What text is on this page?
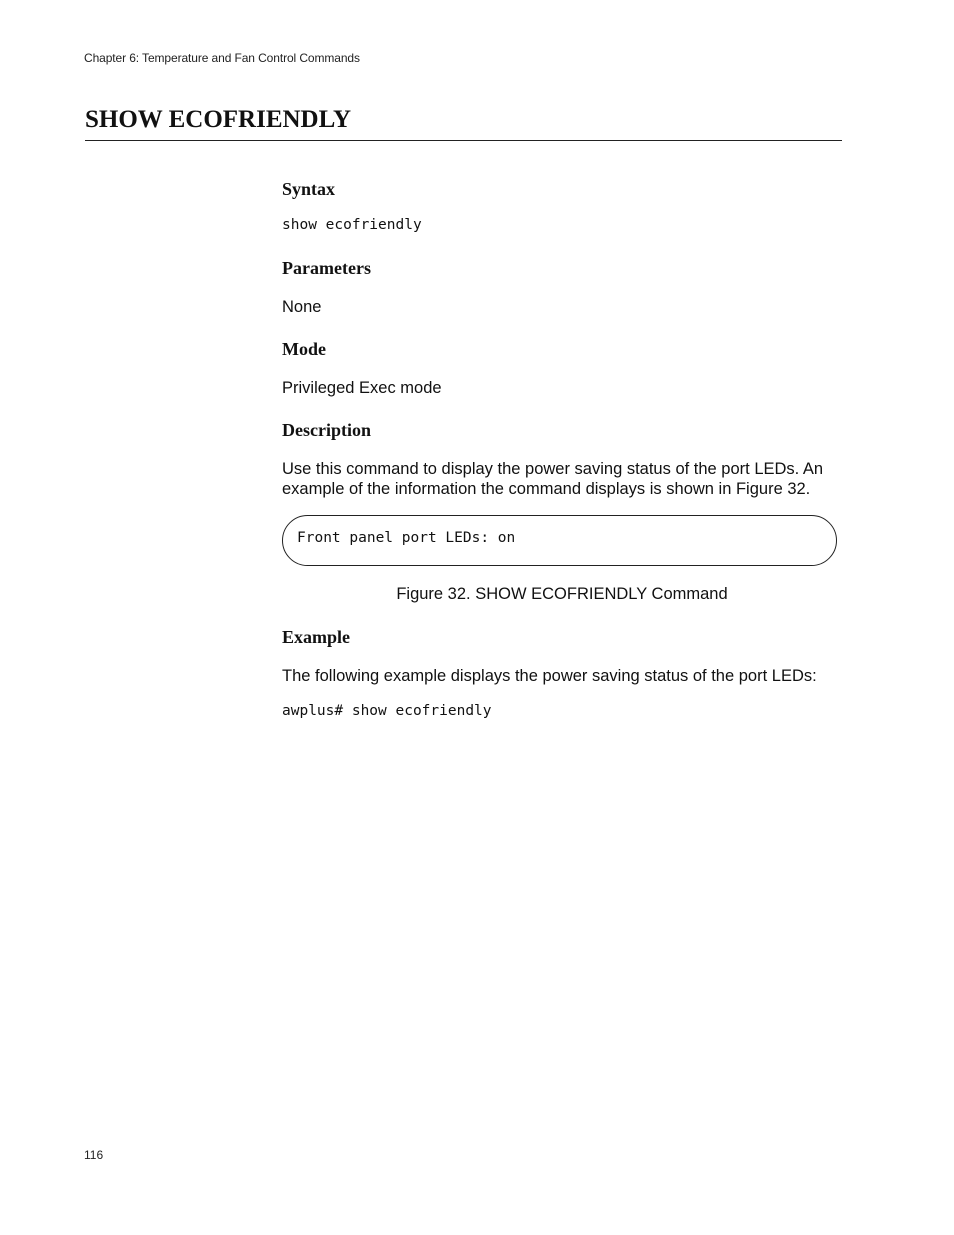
Chapter 6: Temperature and Fan Control Commands
SHOW ECOFRIENDLY
Syntax
show ecofriendly
Parameters

None

Mode

Privileged Exec mode

Description

Use this command to display the power saving status of the port LEDs. An example of the information the command displays is shown in Figure 32.

Front panel port LEDs: on
Figure 32. SHOW ECOFRIENDLY Command
Example

The following example displays the power saving status of the port LEDs:

awplus# show ecofriendly
116
